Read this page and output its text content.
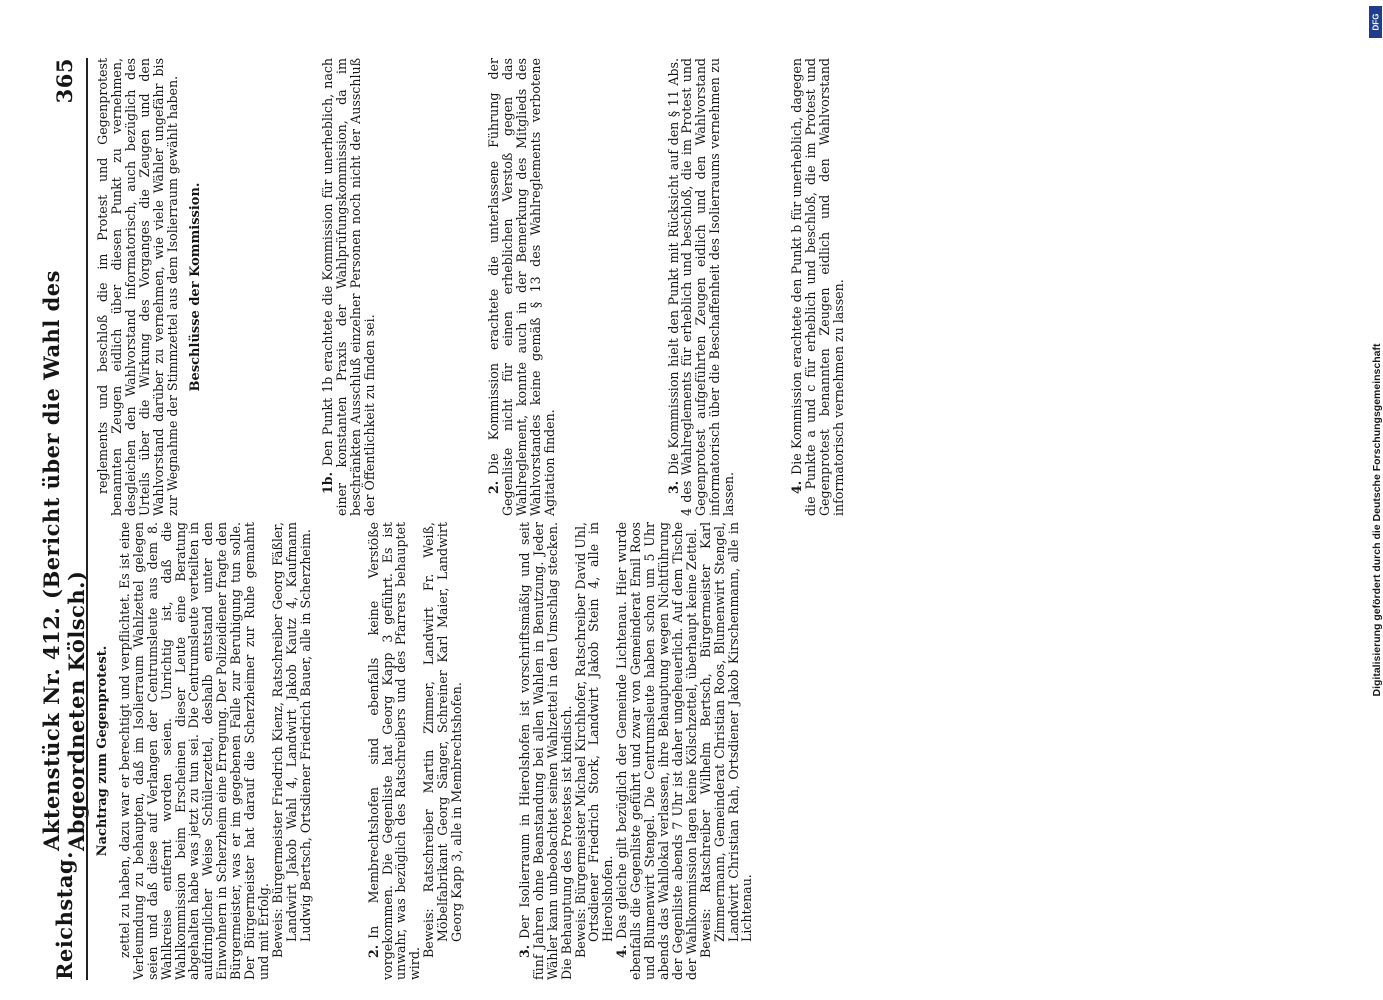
Reichstag.
Aktenstück Nr. 412. (Bericht über die Wahl des Abgeordneten Kölsch.)
365
Nachtrag zum Gegenprotest. zettel zu haben, dazu war er berechtigt und verpflichtet. Es ist eine Verleumdung zu behaupten, daß im Isolierraum Wahlzettel gelegen seien und daß diese auf Verlangen der Centrumsleute aus dem 8. Wahlkreise entfernt worden seien. Unrichtig ist, daß die Wahlkommission beim Erscheinen dieser Leute eine Beratung abgehalten habe was jetzt zu tun sei. Die Centrumsleute verteilten in aufdringlicher Weise Schülerzettel, deshalb entstand unter den Einwohnern in Scherzheim eine Erregung. Der Polizeidiener fragte den Bürgermeister, was er im gegebenen Falle zur Beruhigung tun solle. Der Bürgermeister hat darauf die Scherzheimer zur Ruhe gemahnt und mit Erfolg.

Beweis: Bürgermeister Friedrich Kienz, Ratschreiber Georg Fäßler, Landwirt Jakob Wahl 4, Landwirt Jakob Kautz 4, Kaufmann Ludwig Bertsch, Ortsdiener Friedrich Bauer, alle in Scherzheim.

2.In Membrechtshofen sind ebenfalls keine Verstöße vorgekommen. Die Gegenliste hat Georg Kapp 3 geführt. Es ist unwahr, was bezüglich des Ratschreibers und des Pfarrers behauptet wird.

Beweis: Ratschreiber Martin Zimmer, Landwirt Fr. Weiß, Möbelfabrikant Georg Sänger, Schreiner Karl Maier, Landwirt Georg Kapp 3, alle in Membrechtshofen.

3.Der Isolierraum in Hierolshofen ist vorschriftsmäßig und seit fünf Jahren ohne Beanstandung bei allen Wahlen in Benutzung. Jeder Wähler kann unbeobachtet seinen Wahlzettel in den Umschlag stecken. Die Behauptung des Protestes ist kindisch.

Beweis: Bürgermeister Michael Kirchhofer, Ratschreiber David Uhl, Ortsdiener Friedrich Stork, Landwirt Jakob Stein 4, alle in Hierolshofen.

4.Das gleiche gilt bezüglich der Gemeinde Lichtenau. Hier wurde ebenfalls die Gegenliste geführt und zwar von Gemeinderat Emil Roos und Blumenwirt Stengel. Die Centrumsleute haben schon um 5 Uhr abends das Wahllokal verlassen, ihre Behauptung wegen Nichtführung der Gegenliste abends 7 Uhr ist daher ungeheuerlich. Auf dem Tische der Wahlkommission lagen keine Kölschzettel, überhaupt keine Zettel.

Beweis: Ratschreiber Wilhelm Bertsch, Bürgermeister Karl Zimmermann, Gemeinderat Christian Roos, Blumenwirt Stengel, Landwirt Christian Rah, Ortsdiener Jakob Kirschenmann, alle in Lichtenau.

reglements und beschloß die im Protest und Gegenprotest benannten Zeugen eidlich über diesen Punkt zu vernehmen, desgleichen den Wahlvorstand informatorisch, auch bezüglich des Urteils über die Wirkung des Vorganges die Zeugen und den Wahlvorstand darüber zu vernehmen, wie viele Wähler ungefähr bis zur Wegnahme der Stimmzettel aus dem Isolierraum gewählt haben. Beschlüsse der Kommission.

1b.Den Punkt 1b erachtete die Kommission für unerheblich, nach einer konstanten Praxis der Wahlprüfungskommission, da im beschränkten Ausschluß einzelner Personen noch nicht der Ausschluß der Öffentlichkeit zu finden sei.	2.Die Kommission erachtete die unterlassene Führung der Gegenliste nicht für einen erheblichen Verstoß gegen das Wahlreglement, konnte auch in der Bemerkung des Mitglieds des Wahlvorstandes keine gemäß § 13 des Wahlreglements verbotene Agitation finden.	3.Die Kommission hielt den Punkt mit Rücksicht auf den § 11 Abs. 4 des Wahlreglements für erheblich und beschloß, die im Protest und Gegenprotest aufgeführten Zeugen eidlich und den Wahlvorstand informatorisch über die Beschaffenheit des Isolierraums vernehmen zu lassen.	4.Die Kommission erachtete den Punkt b für unerheblich, dagegen die Punkte a und c für erheblich und beschloß, die im Protest und Gegenprotest benannten Zeugen eidlich und den Wahlvorstand informatorisch vernehmen zu lassen.

DFG
Digitalisierung gefördert durch die Deutsche Forschungsgemeinschaft
